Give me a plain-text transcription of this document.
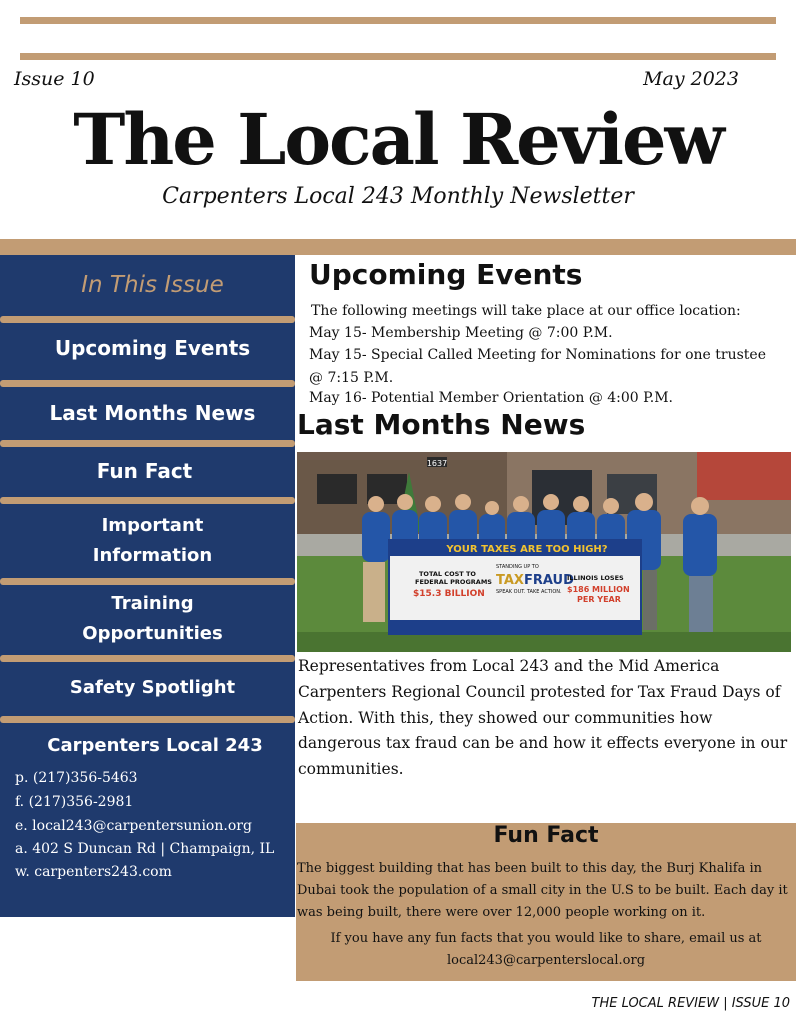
Issue 10	May 2023
The Local Review
Carpenters Local 243 Monthly Newsletter
In This Issue
Upcoming Events
Last Months News
Fun Fact
Important
Information
Training
Opportunities
Safety Spotlight
Carpenters Local 243
p. (217)356-5463
f. (217)356-2981
e. local243@carpentersunion.org
a. 402 S Duncan Rd | Champaign, IL
w. carpenters243.com
Upcoming Events
The following meetings will take place at our office location:
May 15- Membership Meeting @ 7:00 P.M.
May 15- Special Called Meeting for Nominations for one trustee
@ 7:15 P.M.
May 16- Potential Member Orientation @ 4:00 P.M.
Last Months News
1637
YOUR TAXES ARE TOO HIGH?
TOTAL COST TO
FEDERAL PROGRAMS
$15.3 BILLION
STANDING UP TO
TAX FRAUD
SPEAK OUT. TAKE ACTION.
ILLINOIS LOSES
$186 MILLION
PER YEAR
Representatives from Local 243 and the Mid America Carpenters Regional Council protested for Tax Fraud Days of Action. With this, they showed our communities how dangerous tax fraud can be and how it effects everyone in our communities.
Fun Fact
The biggest building that has been built to this day, the Burj Khalifa in Dubai took the population of a small city in the U.S to be built. Each day it was being built, there were over 12,000 people working on it.
If you have any fun facts that you would like to share, email us at
local243@carpenterslocal.org
THE LOCAL REVIEW | ISSUE 10
